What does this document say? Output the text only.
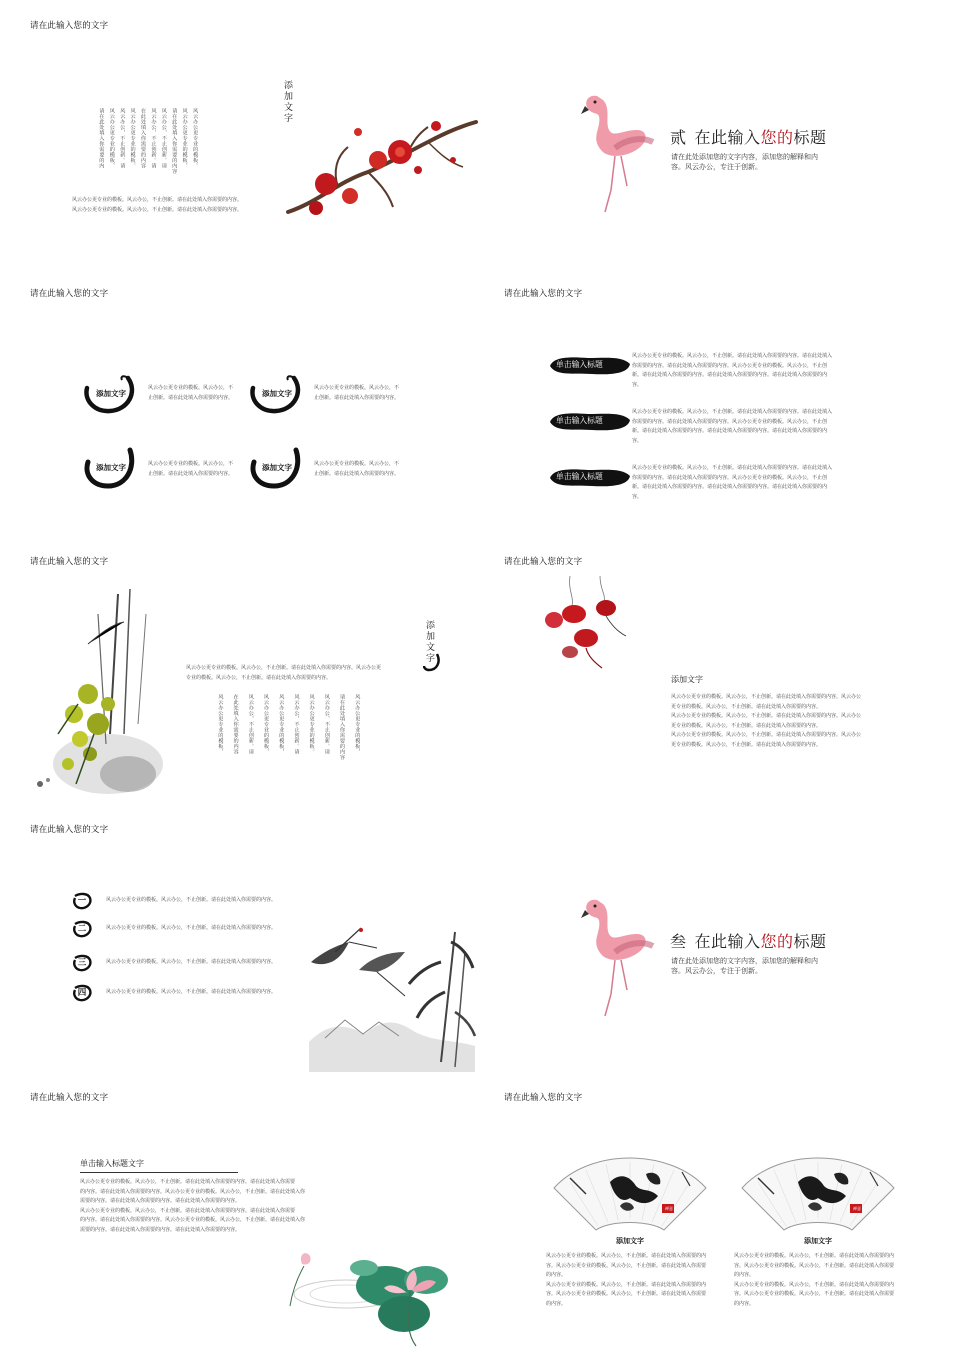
请在此输入您的文字
风云办公更专业的模板。
风云办公更专业的模板，
请在此处填入你需要的内容
风云办公，不止创新。请
风云办公，不止创新。请
在此处填入你需要的内容
风云办公更专业的模板。
风云办公，不止创新。请
风云办公更专业的模板，
请在此处填入你需要的内
添加文字
风云办公更专业的模板。风云办公，不止创新。请在此处填入你需要的内容。
风云办公更专业的模板。风云办公，不止创新。请在此处填入你需要的内容。
贰 在此输入您的标题
请在此处添加您的文字内容，添加您的解释和内
容。风云办公，专注于创新。
请在此输入您的文字
添加文字
风云办公更专业的模板。风云办公，不
止创新。请在此处填入你需要的内容。	添加文字
风云办公更专业的模板。风云办公，不
止创新。请在此处填入你需要的内容。
添加文字	风云办公更专业的模板。风云办公，不
止创新。请在此处填入你需要的内容。
添加文字	风云办公更专业的模板。风云办公，不
止创新。请在此处填入你需要的内容。
请在此输入您的文字
单击输入标题
风云办公更专业的模板。风云办公，不止创新。请在此处填入你需要的内容。请在此处填入
你需要的内容。请在此处填入你需要的内容。风云办公更专业的模板。风云办公，不止创
新。请在此处填入你需要的内容。请在此处填入你需要的内容。请在此处填入你需要的内
容。
单击输入标题
风云办公更专业的模板。风云办公，不止创新。请在此处填入你需要的内容。请在此处填入
你需要的内容。请在此处填入你需要的内容。风云办公更专业的模板。风云办公，不止创
新。请在此处填入你需要的内容。请在此处填入你需要的内容。请在此处填入你需要的内
容。
单击输入标题
风云办公更专业的模板。风云办公，不止创新。请在此处填入你需要的内容。请在此处填入
你需要的内容。请在此处填入你需要的内容。风云办公更专业的模板。风云办公，不止创
新。请在此处填入你需要的内容。请在此处填入你需要的内容。请在此处填入你需要的内
容。
请在此输入您的文字
风云办公更专业的模板。风云办公，不止创新。请在此处填入你需要的内容。风云办公更
专业的模板。风云办公，不止创新。请在此处填入你需要的内容。
添加文字
风云办公更专业的模板，
请在此处填入你需要的内容
风云办公，不止创新。请
风云办公更专业的模板。
风云办公，不止创新。请
风云办公更专业的模板，
风云办公更专业的模板，
风云办公，不止创新。请
在此处填入你需要的内容
风云办公更专业的模板，
请在此输入您的文字
添加文字
风云办公更专业的模板。风云办公，不止创新。请在此处填入你需要的内容。风云办公
更专业的模板。风云办公，不止创新。请在此处填入你需要的内容。
风云办公更专业的模板。风云办公，不止创新。请在此处填入你需要的内容。风云办公
更专业的模板。风云办公，不止创新。请在此处填入你需要的内容。
风云办公更专业的模板。风云办公，不止创新。请在此处填入你需要的内容。风云办公
更专业的模板。风云办公，不止创新。请在此处填入你需要的内容。
请在此输入您的文字
一	风云办公更专业的模板。风云办公，不止创新。请在此处填入你需要的内容。
二	风云办公更专业的模板。风云办公，不止创新。请在此处填入你需要的内容。
三	风云办公更专业的模板。风云办公，不止创新。请在此处填入你需要的内容。
四	风云办公更专业的模板。风云办公，不止创新。请在此处填入你需要的内容。
叁 在此输入您的标题
请在此处添加您的文字内容，添加您的解释和内
容。风云办公，专注于创新。
请在此输入您的文字
单击输入标题文字
风云办公更专业的模板。风云办公，不止创新。请在此处填入你需要的内容。请在此处填入你需要
的内容。请在此处填入你需要的内容。风云办公更专业的模板。风云办公，不止创新。请在此处填入你
需要的内容。请在此处填入你需要的内容。请在此处填入你需要的内容。
风云办公更专业的模板。风云办公，不止创新。请在此处填入你需要的内容。请在此处填入你需要
的内容。请在此处填入你需要的内容。风云办公更专业的模板。风云办公，不止创新。请在此处填入你
需要的内容。请在此处填入你需要的内容。请在此处填入你需要的内容。
请在此输入您的文字
禅意
添加文字
风云办公更专业的模板。风云办公，不止创新。请在此处填入你需要的内
容。风云办公更专业的模板。风云办公，不止创新。请在此处填入你需要
的内容。
风云办公更专业的模板。风云办公，不止创新。请在此处填入你需要的内
容。风云办公更专业的模板。风云办公，不止创新。请在此处填入你需要
的内容。
禅意
添加文字
风云办公更专业的模板。风云办公，不止创新。请在此处填入你需要的内
容。风云办公更专业的模板。风云办公，不止创新。请在此处填入你需要
的内容。
风云办公更专业的模板。风云办公，不止创新。请在此处填入你需要的内
容。风云办公更专业的模板。风云办公，不止创新。请在此处填入你需要
的内容。
